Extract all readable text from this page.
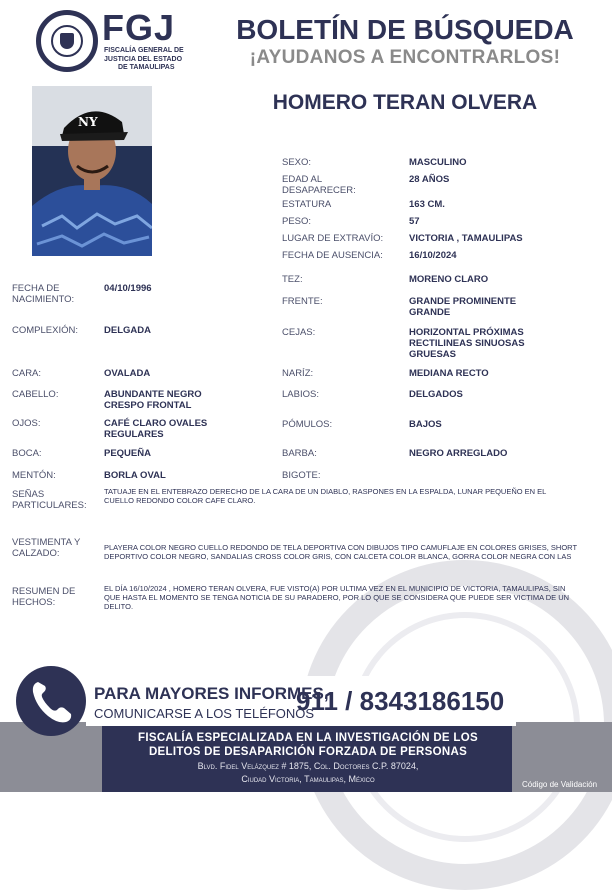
FGJ
FISCALÍA GENERAL DE
JUSTICIA DEL ESTADO
DE TAMAULIPAS
BOLETÍN DE BÚSQUEDA
¡AYUDANOS A ENCONTRARLOS!
HOMERO TERAN OLVERA
NY
SEXO:	MASCULINO
EDAD AL DESAPARECER:
28 AÑOS
ESTATURA	163 CM.
PESO:	57
LUGAR DE EXTRAVÍO:	VICTORIA , TAMAULIPAS
FECHA DE AUSENCIA:	16/10/2024
FECHA DE NACIMIENTO:
04/10/1996
COMPLEXIÓN:	DELGADA
CARA:	OVALADA
CABELLO:	ABUNDANTE NEGRO CRESPO FRONTAL
OJOS:	CAFÉ CLARO OVALES REGULARES
BOCA:	PEQUEÑA
MENTÓN:	BORLA OVAL
TEZ:	MORENO CLARO
FRENTE:	GRANDE PROMINENTE GRANDE
CEJAS:	HORIZONTAL PRÓXIMAS RECTILINEAS SINUOSAS GRUESAS
NARÍZ:	MEDIANA RECTO
LABIOS:	DELGADOS
PÓMULOS:	BAJOS
BARBA:	NEGRO ARREGLADO
BIGOTE:
SEÑAS PARTICULARES:
TATUAJE EN EL ENTEBRAZO DERECHO DE LA CARA DE UN DIABLO, RASPONES EN LA ESPALDA, LUNAR PEQUEÑO EN EL CUELLO REDONDO COLOR CAFE CLARO.
VESTIMENTA Y CALZADO:
PLAYERA COLOR NEGRO CUELLO REDONDO DE TELA DEPORTIVA CON DIBUJOS TIPO CAMUFLAJE EN COLORES GRISES, SHORT DEPORTIVO COLOR NEGRO, SANDALIAS CROSS COLOR GRIS, CON CALCETA COLOR BLANCA, GORRA COLOR NEGRA CON LAS
RESUMEN DE HECHOS:
EL DÍA 16/10/2024 , HOMERO TERAN OLVERA, FUE VISTO(A) POR ULTIMA VEZ EN EL MUNICIPIO DE VICTORIA, TAMAULIPAS, SIN QUE HASTA EL MOMENTO SE TENGA NOTICIA DE SU PARADERO, POR LO QUE SE CONSIDERA QUE PUEDE SER VICTIMA DE UN DELITO.
PARA MAYORES INFORMES,
COMUNICARSE A LOS TELÉFONOS
911 / 8343186150
FISCALÍA ESPECIALIZADA EN LA INVESTIGACIÓN DE LOS
DELITOS DE DESAPARICIÓN FORZADA DE PERSONAS
Blvd. Fidel Velázquez # 1875, Col. Doctores C.P. 87024,
Ciudad Victoria, Tamaulipas, México
Código de Validación
